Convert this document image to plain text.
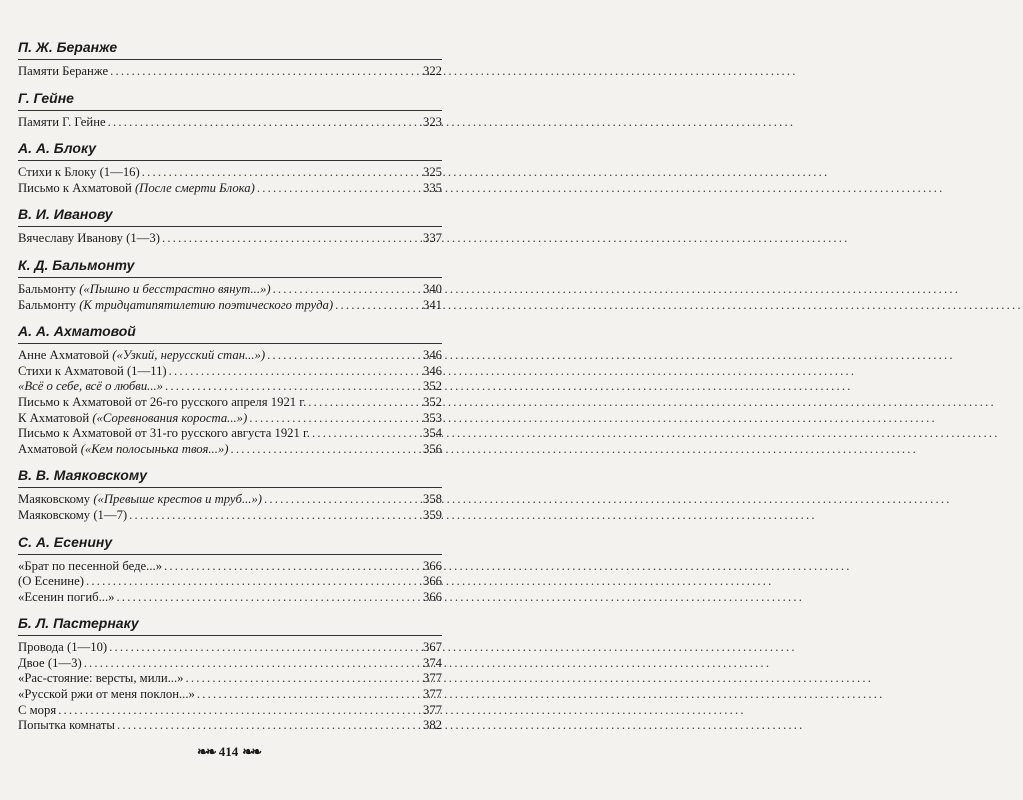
П. Ж. Беранже
Памяти Беранже .....	322
Г. Гейне
Памяти Г. Гейне .....	323
А. А. Блоку
Стихи к Блоку (1—16) .....	325
Письмо к Ахматовой (После смерти Блока) .....	335
В. И. Иванову
Вячеславу Иванову (1—3) .....	337
К. Д. Бальмонту
Бальмонту («Пышно и бесстрастно вянут...») .....	340
Бальмонту (К тридцатипятилетию поэтического труда) .....	341
А. А. Ахматовой
Анне Ахматовой («Узкий, нерусский стан...») .....	346
Стихи к Ахматовой (1—11) .....	346
«Всё о себе, всё о любви...» .....	352
Письмо к Ахматовой от 26-го русского апреля 1921 г. .....	352
К Ахматовой («Соревнования короста...») .....	353
Письмо к Ахматовой от 31-го русского августа 1921 г. .....	354
Ахматовой («Кем полосынька твоя...») .....	356
В. В. Маяковскому
Маяковскому («Превыше крестов и труб...») .....	358
Маяковскому (1—7) .....	359
С. А. Есенину
«Брат по песенной беде...» .....	366
(О Есенине) .....	366
«Есенин погиб...» .....	366
Б. Л. Пастернаку
Провода (1—10) .....	367
Двое (1—3) .....	374
«Рас-стояние: версты, мили...» .....	377
«Русской ржи от меня поклон...» .....	377
С моря .....	377
Попытка комнаты .....	382
❧❧ 414 ❧❧
